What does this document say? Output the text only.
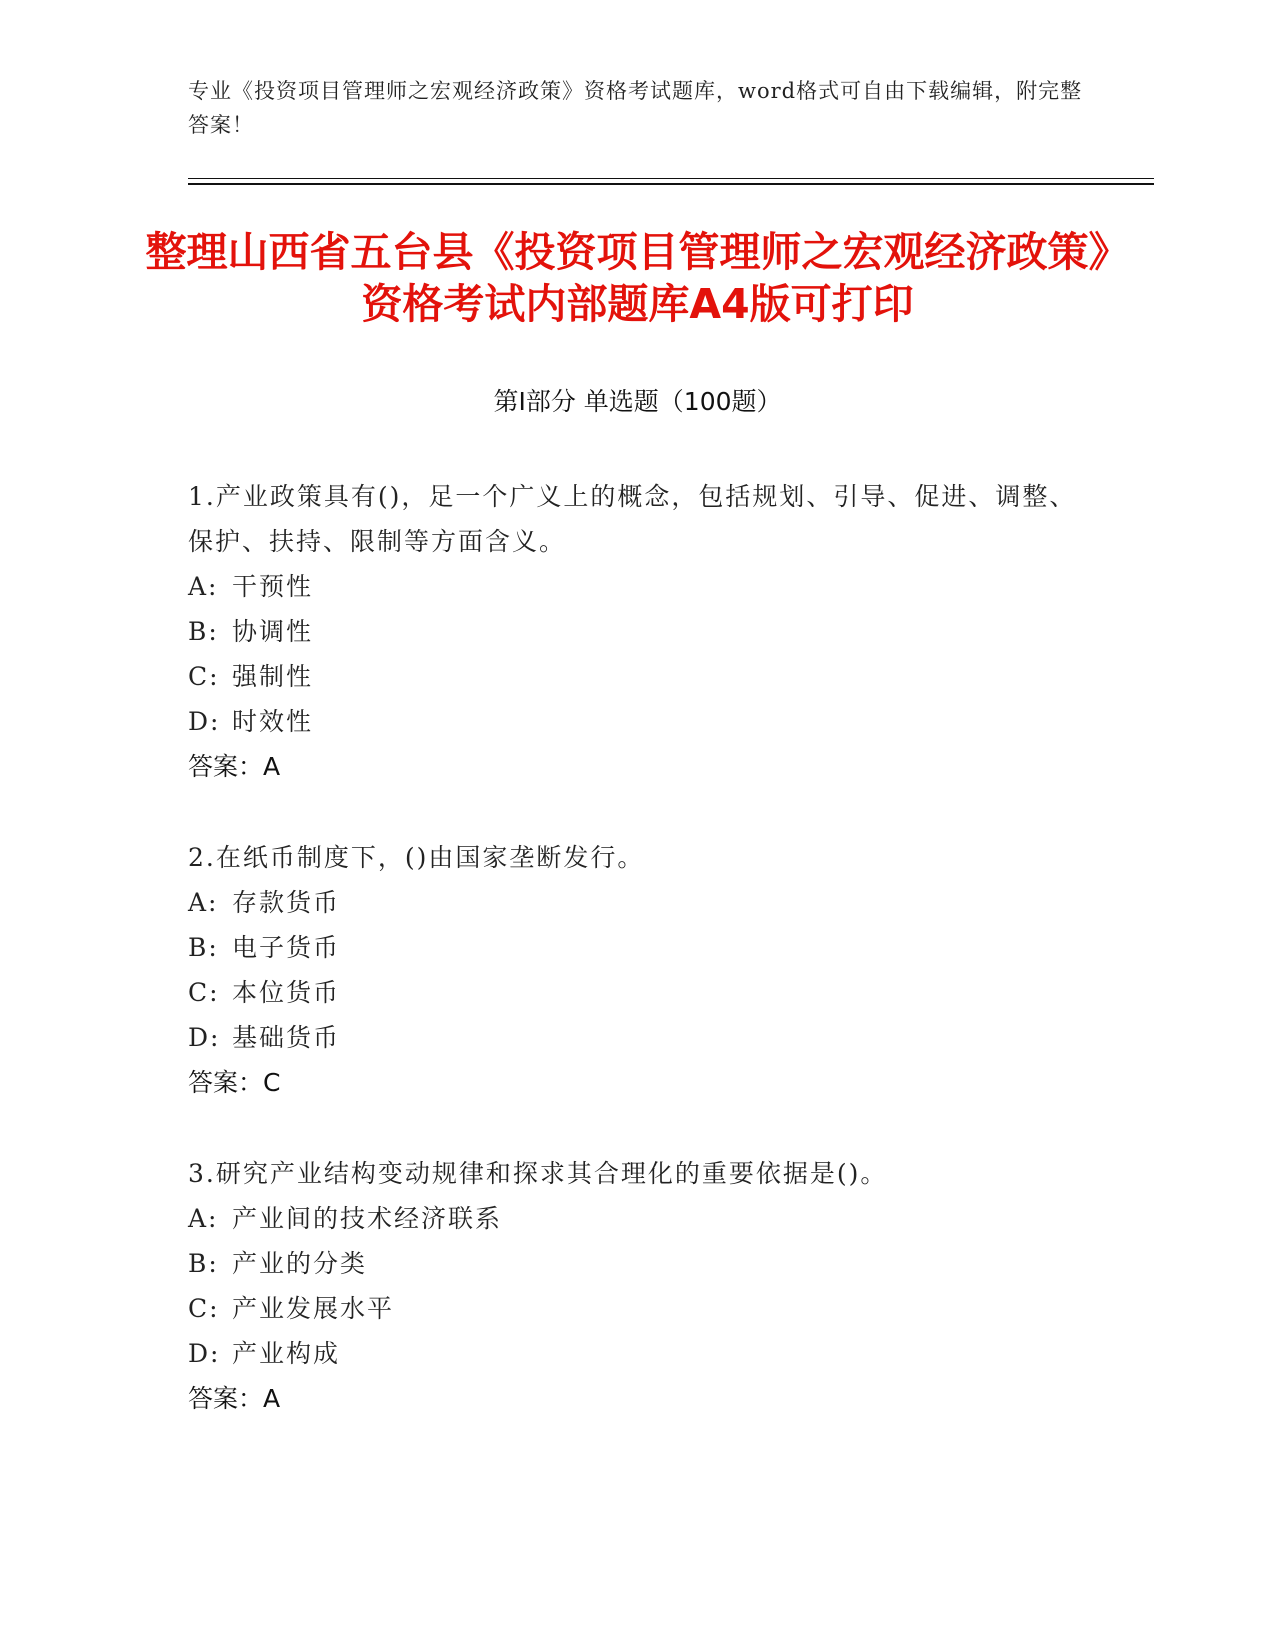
专业《投资项目管理师之宏观经济政策》资格考试题库，word格式可自由下载编辑，附完整答案！
整理山西省五台县《投资项目管理师之宏观经济政策》资格考试内部题库A4版可打印
第Ⅰ部分 单选题（100题）
1.产业政策具有()，足一个广义上的概念，包括规划、引导、促进、调整、保护、扶持、限制等方面含义。
A: 干预性
B: 协调性
C: 强制性
D: 时效性
答案：A
2.在纸币制度下，()由国家垄断发行。
A: 存款货币
B: 电子货币
C: 本位货币
D: 基础货币
答案：C
3.研究产业结构变动规律和探求其合理化的重要依据是()。
A: 产业间的技术经济联系
B: 产业的分类
C: 产业发展水平
D: 产业构成
答案：A
